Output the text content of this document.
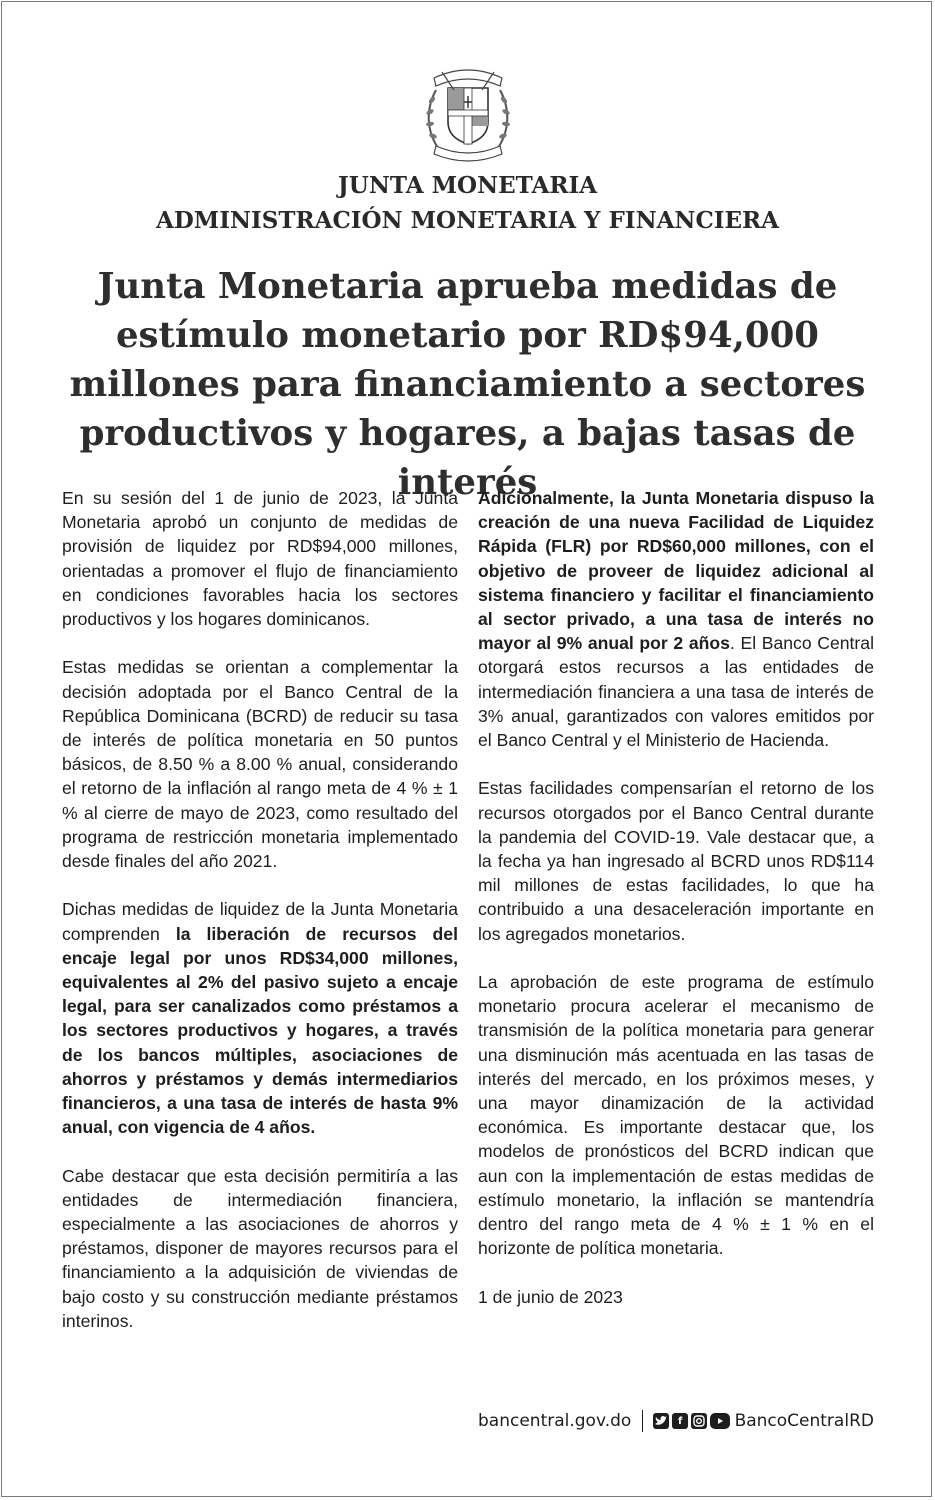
JUNTA MONETARIA
ADMINISTRACIÓN MONETARIA Y FINANCIERA
Junta Monetaria aprueba medidas de estímulo monetario por RD$94,000 millones para financiamiento a sectores productivos y hogares, a bajas tasas de interés

En su sesión del 1 de junio de 2023, la Junta Monetaria aprobó un conjunto de medidas de provisión de liquidez por RD$94,000 millones, orientadas a promover el flujo de financiamiento en condiciones favorables hacia los sectores productivos y los hogares dominicanos.

Estas medidas se orientan a complementar la decisión adoptada por el Banco Central de la República Dominicana (BCRD) de reducir su tasa de interés de política monetaria en 50 puntos básicos, de 8.50 % a 8.00 % anual, considerando el retorno de la inflación al rango meta de 4 % ± 1 % al cierre de mayo de 2023, como resultado del programa de restricción monetaria implementado desde finales del año 2021.

Dichas medidas de liquidez de la Junta Monetaria comprenden la liberación de recursos del encaje legal por unos RD$34,000 millones, equivalentes al 2% del pasivo sujeto a encaje legal, para ser canalizados como préstamos a los sectores productivos y hogares, a través de los bancos múltiples, asociaciones de ahorros y préstamos y demás intermediarios financieros, a una tasa de interés de hasta 9% anual, con vigencia de 4 años.

Cabe destacar que esta decisión permitiría a las entidades de intermediación financiera, especialmente a las asociaciones de ahorros y préstamos, disponer de mayores recursos para el financiamiento a la adquisición de viviendas de bajo costo y su construcción mediante préstamos interinos.

Adicionalmente, la Junta Monetaria dispuso la creación de una nueva Facilidad de Liquidez Rápida (FLR) por RD$60,000 millones, con el objetivo de proveer de liquidez adicional al sistema financiero y facilitar el financiamiento al sector privado, a una tasa de interés no mayor al 9% anual por 2 años. El Banco Central otorgará estos recursos a las entidades de intermediación financiera a una tasa de interés de 3% anual, garantizados con valores emitidos por el Banco Central y el Ministerio de Hacienda.

Estas facilidades compensarían el retorno de los recursos otorgados por el Banco Central durante la pandemia del COVID-19. Vale destacar que, a la fecha ya han ingresado al BCRD unos RD$114 mil millones de estas facilidades, lo que ha contribuido a una desaceleración importante en los agregados monetarios.

La aprobación de este programa de estímulo monetario procura acelerar el mecanismo de transmisión de la política monetaria para generar una disminución más acentuada en las tasas de interés del mercado, en los próximos meses, y una mayor dinamización de la actividad económica. Es importante destacar que, los modelos de pronósticos del BCRD indican que aun con la implementación de estas medidas de estímulo monetario, la inflación se mantendría dentro del rango meta de 4 % ± 1 % en el horizonte de política monetaria.

1 de junio de 2023

bancentral.gov.do	f	BancoCentralRD
